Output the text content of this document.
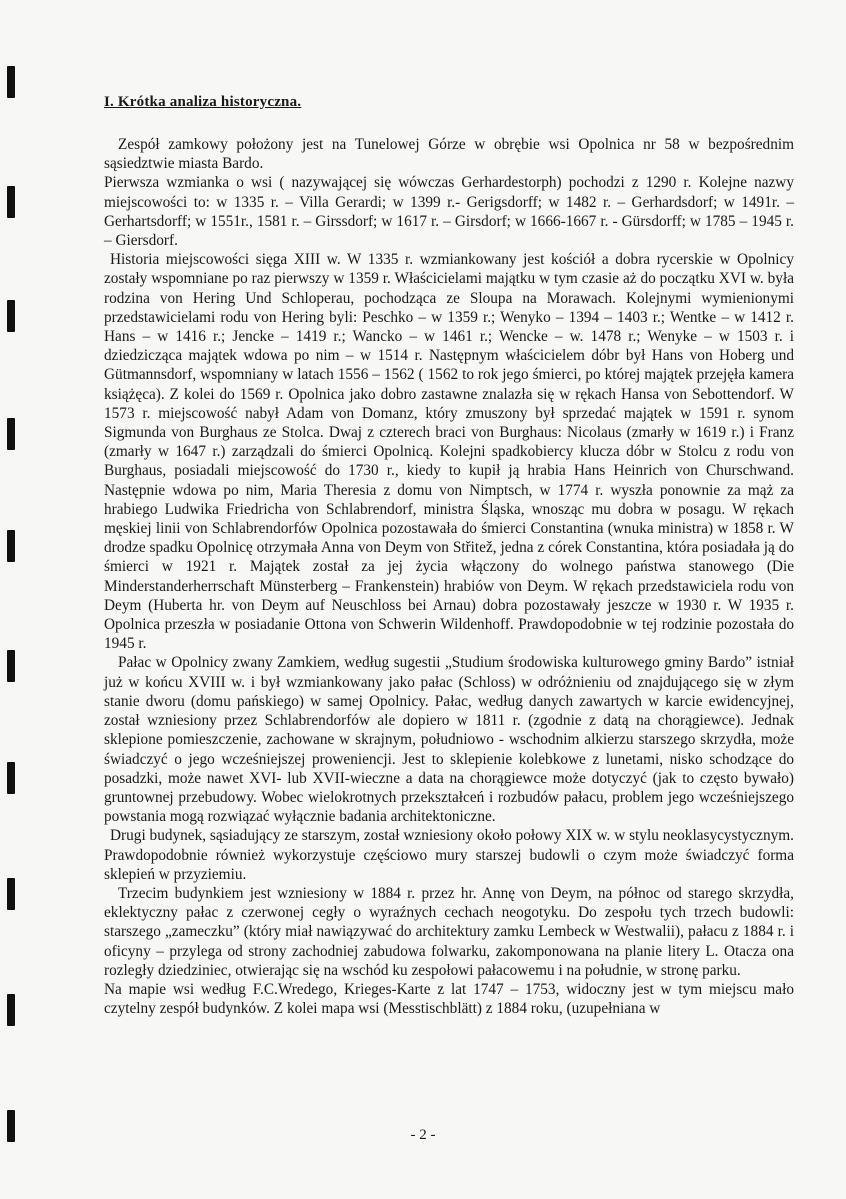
I. Krótka analiza historyczna.

Zespół zamkowy położony jest na Tunelowej Górze w obrębie wsi Opolnica nr 58 w bezpośrednim sąsiedztwie miasta Bardo.

Pierwsza wzmianka o wsi ( nazywającej się wówczas Gerhardestorph) pochodzi z 1290 r. Kolejne nazwy miejscowości to: w 1335 r. – Villa Gerardi; w 1399 r.- Gerigsdorff; w 1482 r. – Gerhardsdorf; w 1491r. – Gerhartsdorff; w 1551r., 1581 r. – Girssdorf; w 1617 r. – Girsdorf; w 1666-1667 r. - Gürsdorff; w 1785 – 1945 r. – Giersdorf.

Historia miejscowości sięga XIII w. W 1335 r. wzmiankowany jest kościół a dobra rycerskie w Opolnicy zostały wspomniane po raz pierwszy w 1359 r. Właścicielami majątku w tym czasie aż do początku XVI w. była rodzina von Hering Und Schloperau, pochodząca ze Sloupa na Morawach. Kolejnymi wymienionymi przedstawicielami rodu von Hering byli: Peschko – w 1359 r.; Wenyko – 1394 – 1403 r.; Wentke – w 1412 r. Hans – w 1416 r.; Jencke – 1419 r.; Wancko – w 1461 r.; Wencke – w. 1478 r.; Wenyke – w 1503 r. i dziedzicząca majątek wdowa po nim – w 1514 r. Następnym właścicielem dóbr był Hans von Hoberg und Gütmannsdorf, wspomniany w latach 1556 – 1562 ( 1562 to rok jego śmierci, po której majątek przejęła kamera książęca). Z kolei do 1569 r. Opolnica jako dobro zastawne znalazła się w rękach Hansa von Sebottendorf. W 1573 r. miejscowość nabył Adam von Domanz, który zmuszony był sprzedać majątek w 1591 r. synom Sigmunda von Burghaus ze Stolca. Dwaj z czterech braci von Burghaus: Nicolaus (zmarły w 1619 r.) i Franz (zmarły w 1647 r.) zarządzali do śmierci Opolnicą. Kolejni spadkobiercy klucza dóbr w Stolcu z rodu von Burghaus, posiadali miejscowość do 1730 r., kiedy to kupił ją hrabia Hans Heinrich von Churschwand. Następnie wdowa po nim, Maria Theresia z domu von Nimptsch, w 1774 r. wyszła ponownie za mąż za hrabiego Ludwika Friedricha von Schlabrendorf, ministra Śląska, wnosząc mu dobra w posagu. W rękach męskiej linii von Schlabrendorfów Opolnica pozostawała do śmierci Constantina (wnuka ministra) w 1858 r. W drodze spadku Opolnicę otrzymała Anna von Deym von Střitež, jedna z córek Constantina, która posiadała ją do śmierci w 1921 r. Majątek został za jej życia włączony do wolnego państwa stanowego (Die Minderstanderherrschaft Münsterberg – Frankenstein) hrabiów von Deym. W rękach przedstawiciela rodu von Deym (Huberta hr. von Deym auf Neuschloss bei Arnau) dobra pozostawały jeszcze w 1930 r. W 1935 r. Opolnica przeszła w posiadanie Ottona von Schwerin Wildenhoff. Prawdopodobnie w tej rodzinie pozostała do 1945 r.

Pałac w Opolnicy zwany Zamkiem, według sugestii „Studium środowiska kulturowego gminy Bardo” istniał już w końcu XVIII w. i był wzmiankowany jako pałac (Schloss) w odróżnieniu od znajdującego się w złym stanie dworu (domu pańskiego) w samej Opolnicy. Pałac, według danych zawartych w karcie ewidencyjnej, został wzniesiony przez Schlabrendorfów ale dopiero w 1811 r. (zgodnie z datą na chorągiewce). Jednak sklepione pomieszczenie, zachowane w skrajnym, południowo - wschodnim alkierzu starszego skrzydła, może świadczyć o jego wcześniejszej proweniencji. Jest to sklepienie kolebkowe z lunetami, nisko schodzące do posadzki, może nawet XVI- lub XVII-wieczne a data na chorągiewce może dotyczyć (jak to często bywało) gruntownej przebudowy. Wobec wielokrotnych przekształceń i rozbudów pałacu, problem jego wcześniejszego powstania mogą rozwiązać wyłącznie badania architektoniczne.

Drugi budynek, sąsiadujący ze starszym, został wzniesiony około połowy XIX w. w stylu neoklasycystycznym. Prawdopodobnie również wykorzystuje częściowo mury starszej budowli o czym może świadczyć forma sklepień w przyziemiu.

Trzecim budynkiem jest wzniesiony w 1884 r. przez hr. Annę von Deym, na północ od starego skrzydła, eklektyczny pałac z czerwonej cegły o wyraźnych cechach neogotyku. Do zespołu tych trzech budowli: starszego „zameczku” (który miał nawiązywać do architektury zamku Lembeck w Westwalii), pałacu z 1884 r. i oficyny – przylega od strony zachodniej zabudowa folwarku, zakomponowana na planie litery L. Otacza ona rozległy dziedziniec, otwierając się na wschód ku zespołowi pałacowemu i na południe, w stronę parku.

Na mapie wsi według F.C.Wredego, Krieges-Karte z lat 1747 – 1753, widoczny jest w tym miejscu mało czytelny zespół budynków. Z kolei mapa wsi (Messtischblätt) z 1884 roku, (uzupełniana w

- 2 -
